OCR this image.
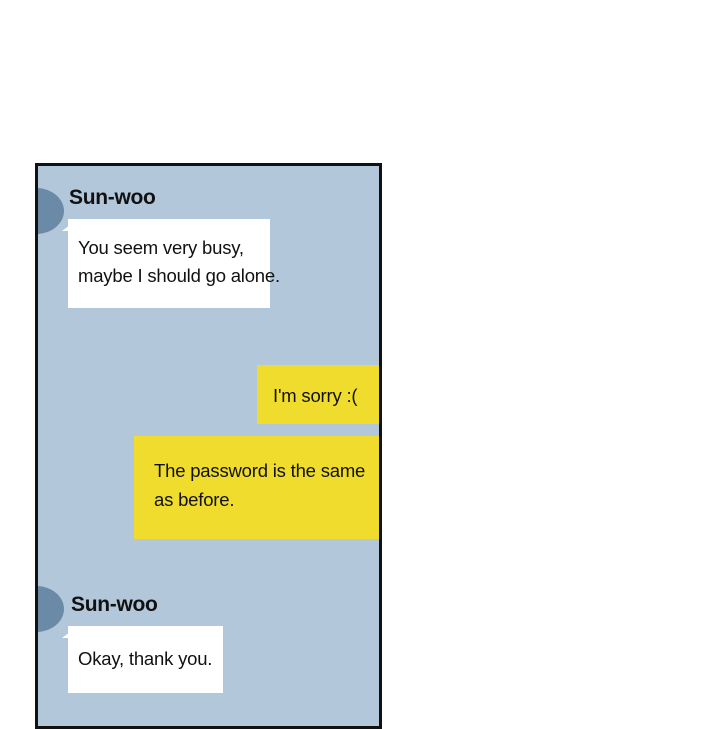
Sun-woo
You seem very busy,
maybe I should go alone.
I'm sorry :(
The password is the same
as before.
Sun-woo
Okay, thank you.
